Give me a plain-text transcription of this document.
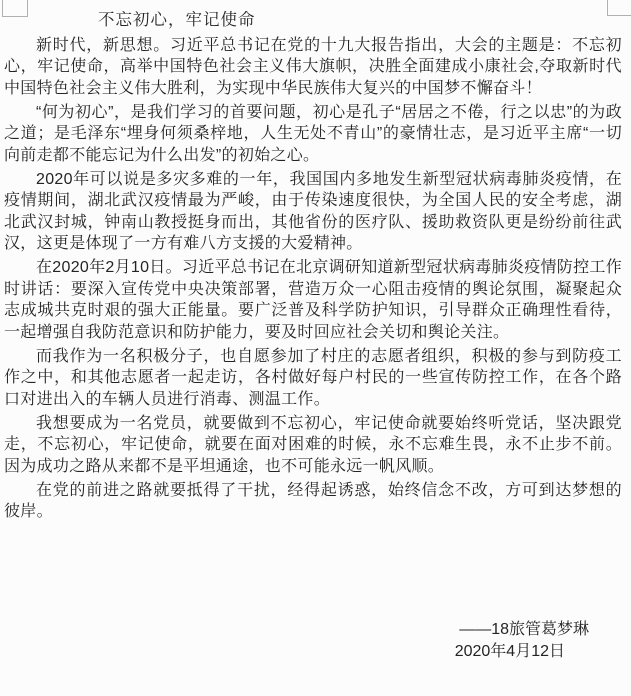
不忘初心，牢记使命

新时代，新思想。习近平总书记在党的十九大报告指出，大会的主题是：不忘初心，牢记使命，高举中国特色社会主义伟大旗帜，决胜全面建成小康社会,夺取新时代中国特色社会主义伟大胜利，为实现中华民族伟大复兴的中国梦不懈奋斗！

“何为初心”，是我们学习的首要问题，初心是孔子“居居之不倦，行之以忠”的为政之道；是毛泽东“埋身何须桑梓地，人生无处不青山”的豪情壮志，是习近平主席“一切向前走都不能忘记为什么出发”的初始之心。

2020年可以说是多灾多难的一年，我国国内多地发生新型冠状病毒肺炎疫情，在疫情期间，湖北武汉疫情最为严峻，由于传染速度很快，为全国人民的安全考虑，湖北武汉封城，钟南山教授挺身而出，其他省份的医疗队、援助救资队更是纷纷前往武汉，这更是体现了一方有难八方支援的大爱精神。

在2020年2月10日。习近平总书记在北京调研知道新型冠状病毒肺炎疫情防控工作时讲话：要深入宣传党中央决策部署，营造万众一心阻击疫情的舆论氛围，凝聚起众志成城共克时艰的强大正能量。要广泛普及科学防护知识，引导群众正确理性看待，一起增强自我防范意识和防护能力，要及时回应社会关切和舆论关注。

而我作为一名积极分子，也自愿参加了村庄的志愿者组织，积极的参与到防疫工作之中，和其他志愿者一起走访，各村做好每户村民的一些宣传防控工作，在各个路口对进出入的车辆人员进行消毒、测温工作。

我想要成为一名党员，就要做到不忘初心，牢记使命就要始终听党话，坚决跟党走，不忘初心，牢记使命，就要在面对困难的时候，永不忘难生畏，永不止步不前。因为成功之路从来都不是平坦通途，也不可能永远一帆风顺。

在党的前进之路就要抵得了干扰，经得起诱惑，始终信念不改，方可到达梦想的彼岸。

——18旅管葛梦琳
2020年4月12日
